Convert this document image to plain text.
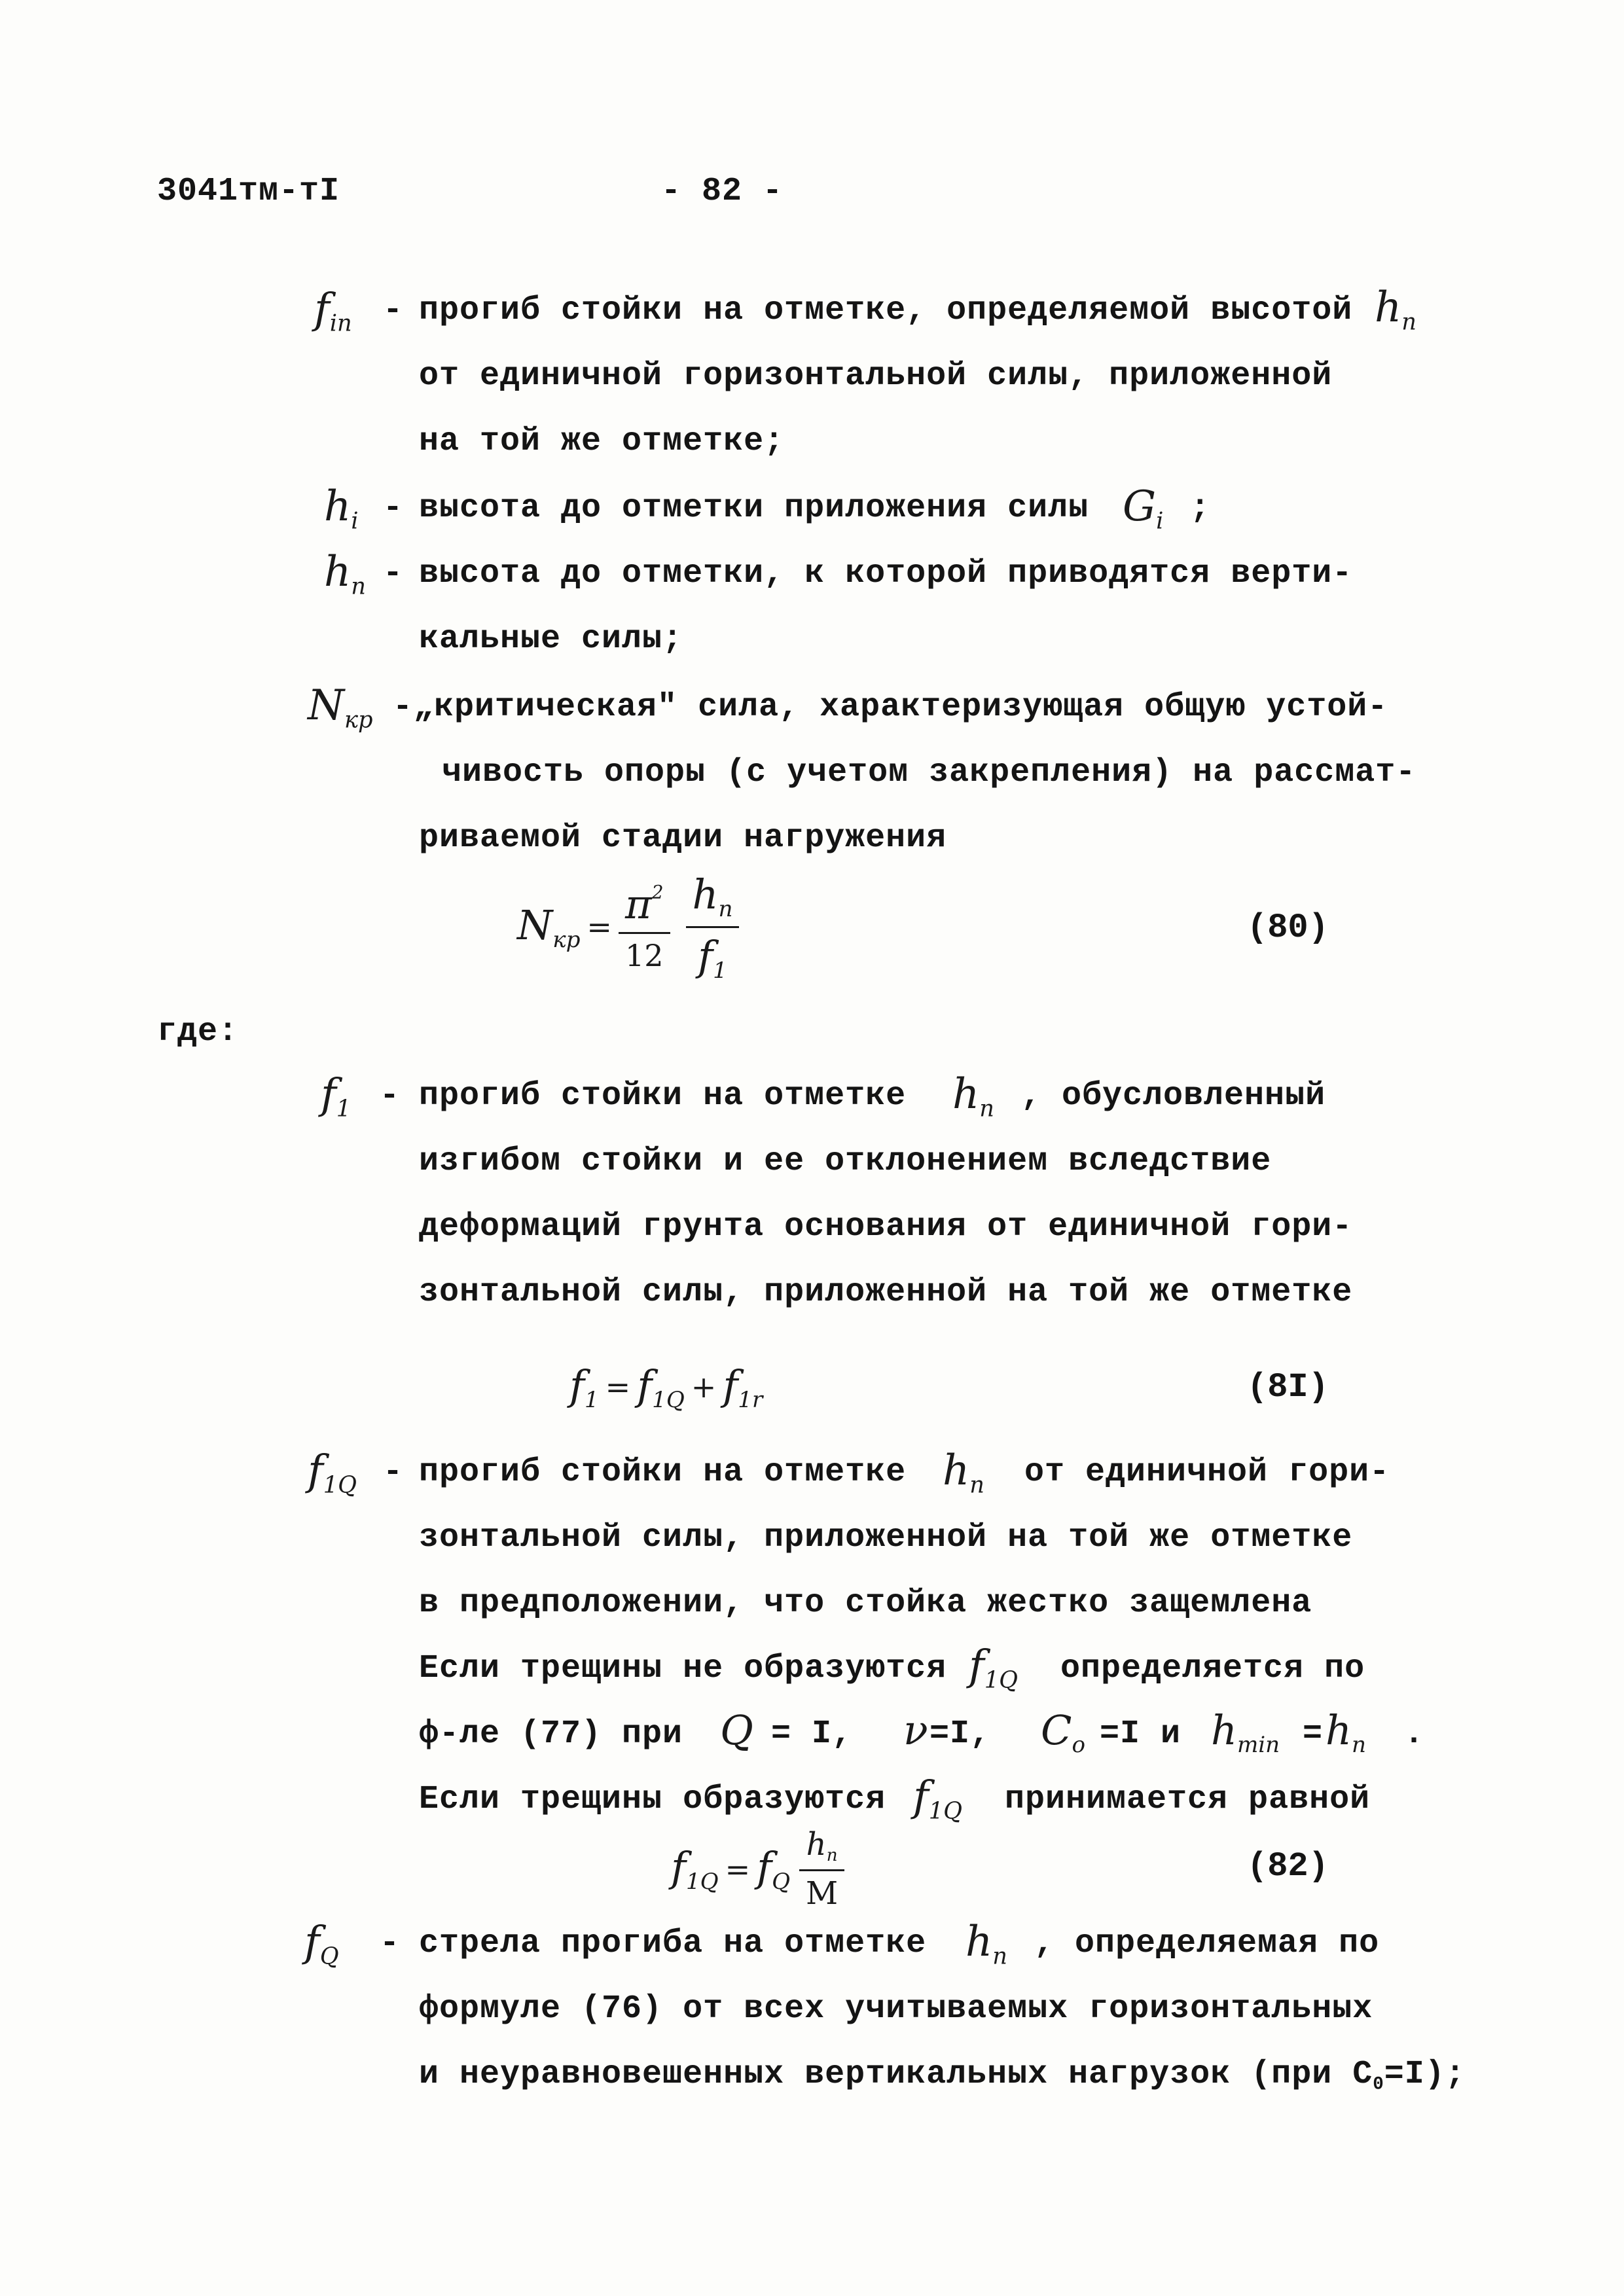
3041тм-тI	- 82 -
$f_{in}$ - прогиб стойки на отметке, определяемой высотой $h_n$
от единичной горизонтальной силы, приложенной
на той же отметке;
$h_i$ - высота до отметки приложения силы $G_i$ ;
$h_n$ - высота до отметки, к которой приводятся верти-
кальные силы;
$N_{кр}$ - „критическая" сила, характеризующая общую устой-
чивость опоры (с учетом закрепления) на рассмат-
риваемой стадии нагружения
$N_{кр} = \frac{\pi^2}{12} \frac{h_n}{f_1}$	(80)
где:
$f_1$ - прогиб стойки на отметке $h_n$ , обусловленный
изгибом стойки и ее отклонением вследствие
деформаций грунта основания от единичной гори-
зонтальной силы, приложенной на той же отметке
$f_1 = f_{1Q} + f_{1r}$	(8I)
$f_{1Q}$ - прогиб стойки на отметке $h_n$ от единичной гори-
зонтальной силы, приложенной на той же отметке
в предположении, что стойка жестко защемлена
Если трещины не образуются $f_{1Q}$ определяется по
ф-ле (77) при Q = I, ν =I, $C_o =I$ и $h_{min} = h_n$ .
Если трещины образуются $f_{1Q}$ принимается равной
$f_{1Q} = f_Q \frac{h_n}{M}$	(82)
$f_Q$ - стрела прогиба на отметке $h_n$ , определяемая по
формуле (76) от всех учитываемых горизонтальных
и неуравновешенных вертикальных нагрузок (при $C_0=I$);
